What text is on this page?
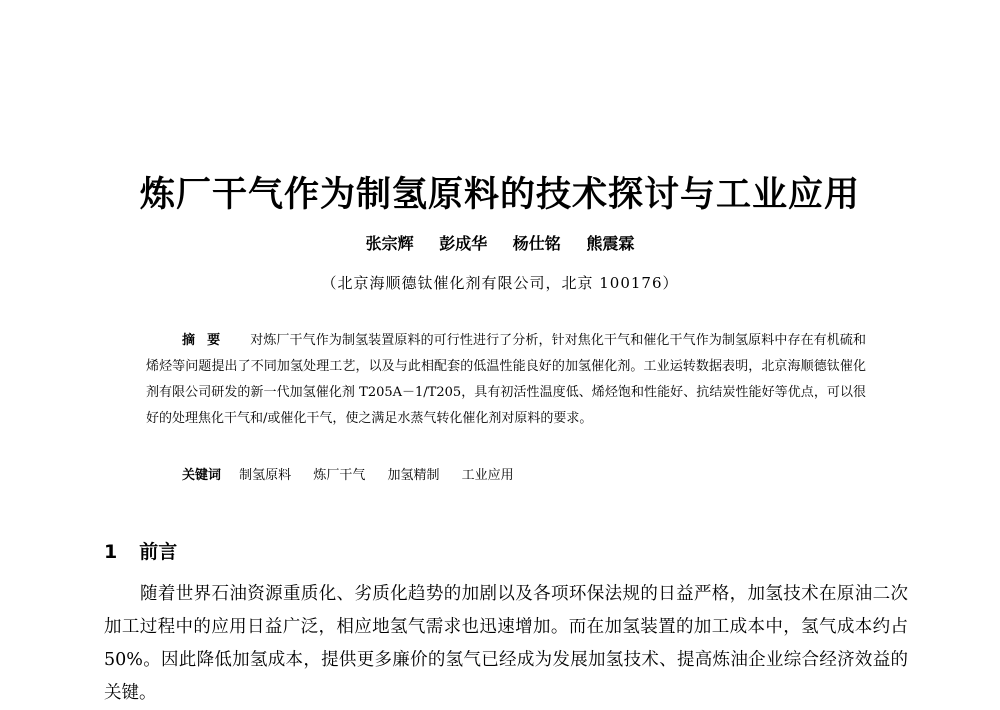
炼厂干气作为制氢原料的技术探讨与工业应用
张宗辉 彭成华 杨仕铭 熊震霖
（北京海顺德钛催化剂有限公司，北京 100176）
摘要 对炼厂干气作为制氢装置原料的可行性进行了分析，针对焦化干气和催化干气作为制氢原料中存在有机硫和烯烃等问题提出了不同加氢处理工艺，以及与此相配套的低温性能良好的加氢催化剂。工业运转数据表明，北京海顺德钛催化剂有限公司研发的新一代加氢催化剂 T205A－1/T205，具有初活性温度低、烯烃饱和性能好、抗结炭性能好等优点，可以很好的处理焦化干气和/或催化干气，使之满足水蒸气转化催化剂对原料的要求。
关键词 制氢原料 炼厂干气 加氢精制 工业应用
1 前言
随着世界石油资源重质化、劣质化趋势的加剧以及各项环保法规的日益严格，加氢技术在原油二次加工过程中的应用日益广泛，相应地氢气需求也迅速增加。而在加氢装置的加工成本中，氢气成本约占50%。因此降低加氢成本，提供更多廉价的氢气已经成为发展加氢技术、提高炼油企业综合经济效益的关键。
